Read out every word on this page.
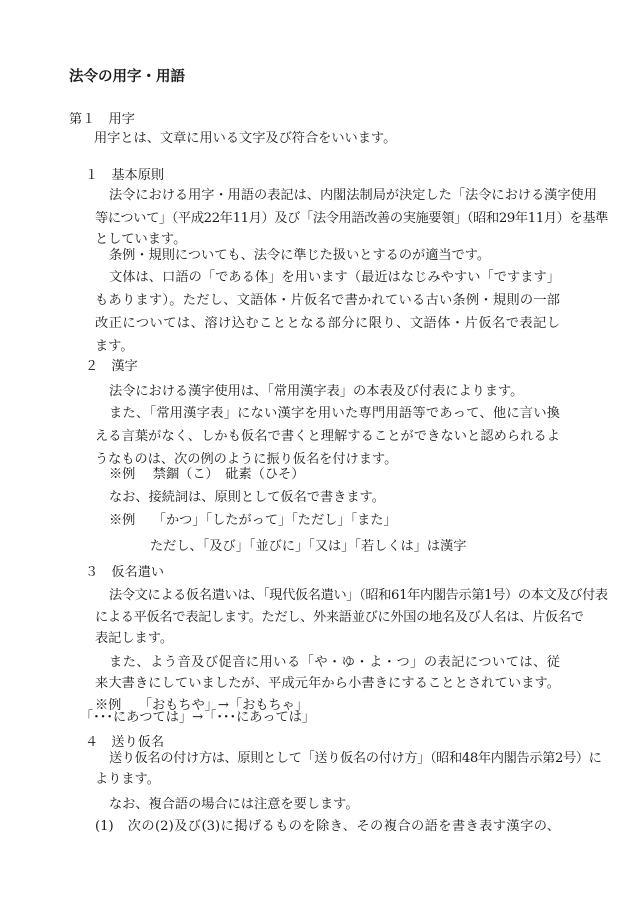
法令の用字・用語
第１　用字
用字とは、文章に用いる文字及び符合をいいます。
１　基本原則
法令における用字・用語の表記は、内閣法制局が決定した「法令における漢字使用
等について」（平成22年11月）及び「法令用語改善の実施要領」（昭和29年11月）を基準
としています。
条例・規則についても、法令に準じた扱いとするのが適当です。
文体は、口語の「である体」を用います（最近はなじみやすい「ですます」
もあります）。ただし、文語体・片仮名で書かれている古い条例・規則の一部
改正については、溶け込むこととなる部分に限り、文語体・片仮名で表記し
ます。
２　漢字
法令における漢字使用は、「常用漢字表」の本表及び付表によります。
また、「常用漢字表」にない漢字を用いた専門用語等であって、他に言い換
える言葉がなく、しかも仮名で書くと理解することができないと認められるよ
うなものは、次の例のように振り仮名を付けます。
※例　 禁錮（こ）　砒素（ひそ）
なお、接続詞は、原則として仮名で書きます。
※例　 「かつ」「したがって」「ただし」「また」
ただし、「及び」「並びに」「又は」「若しくは」は漢字
３　仮名遣い
法令文による仮名遣いは、「現代仮名遣い」（昭和61年内閣告示第1号）の本文及び付表
による平仮名で表記します。ただし、外来語並びに外国の地名及び人名は、片仮名で
表記します。
また、よう音及び促音に用いる「や・ゆ・よ・つ」の表記については、従
来大書きにしていましたが、平成元年から小書きにすることとされています。
※例　 「おもちや」→「おもちゃ」
「･･･にあつては」→「･･･にあっては」
４　送り仮名
送り仮名の付け方は、原則として「送り仮名の付け方」（昭和48年内閣告示第2号）に
よります。
なお、複合語の場合には注意を要します。
(1)　次の(2)及び(3)に掲げるものを除き、その複合の語を書き表す漢字の、
